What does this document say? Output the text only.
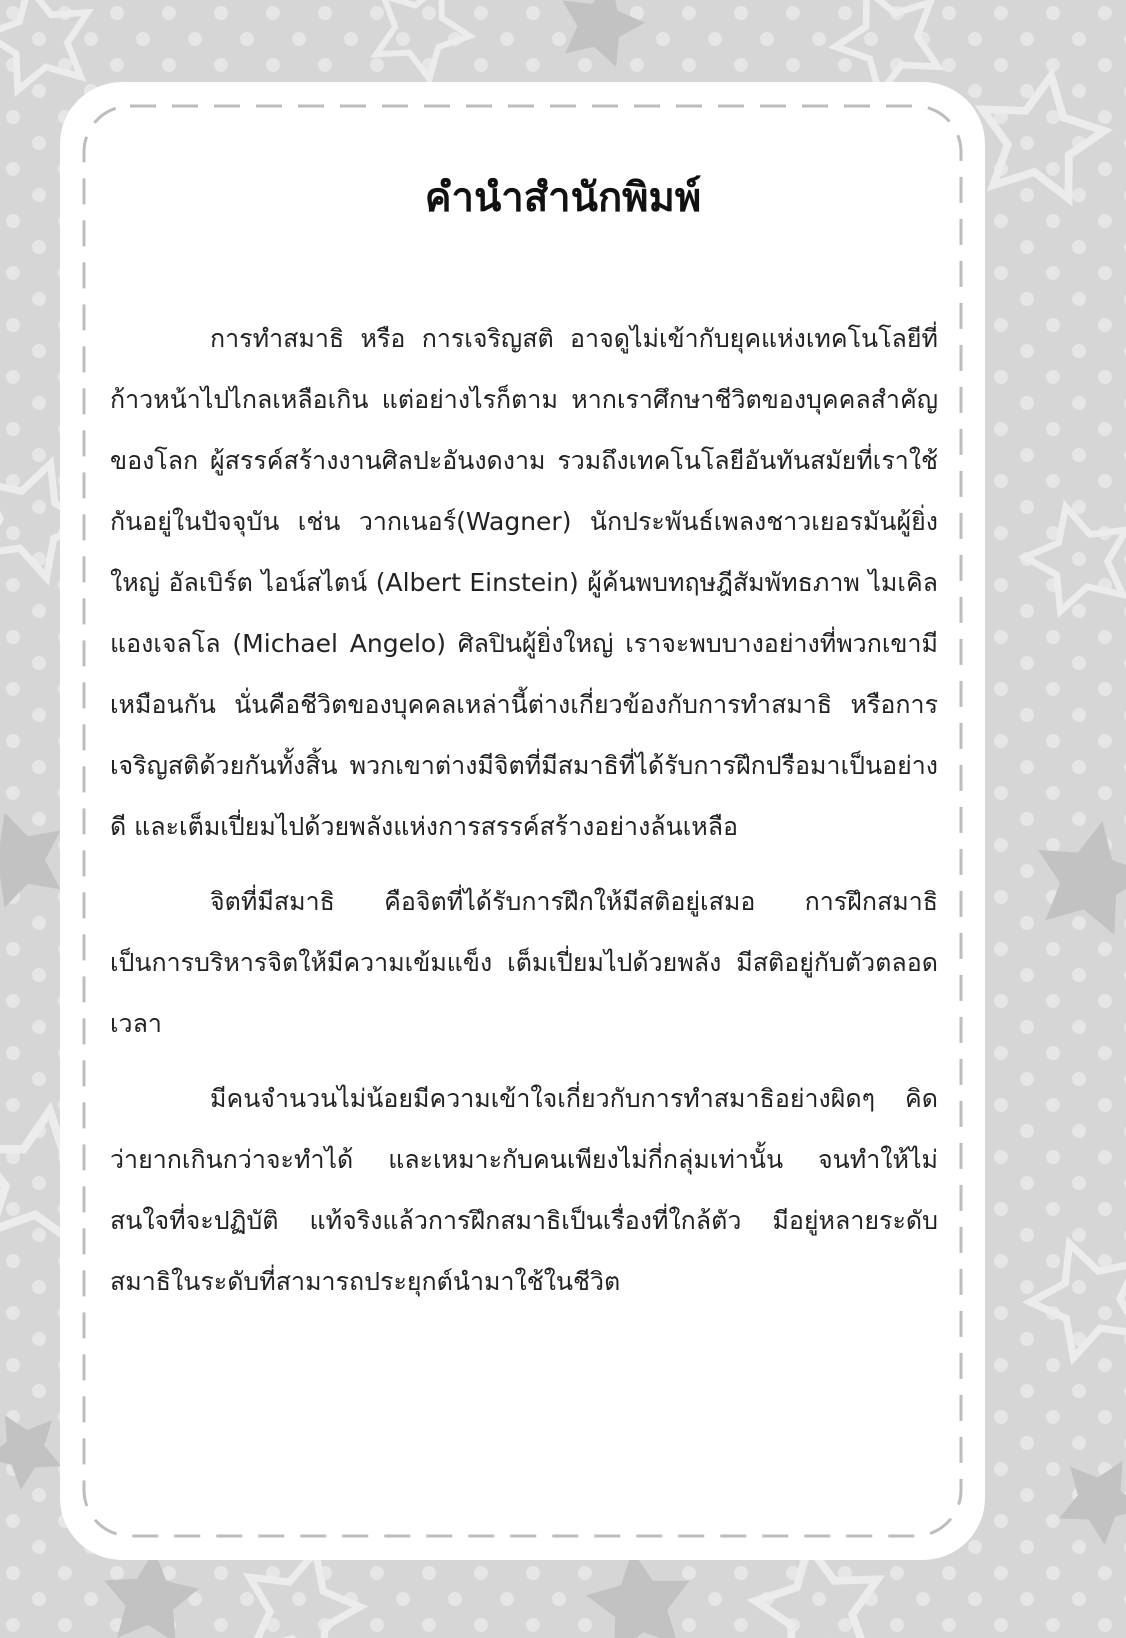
คำนำสำนักพิมพ์

การทำสมาธิ หรือ การเจริญสติ อาจดูไม่เข้ากับยุคแห่งเทคโนโลยีที่ก้าวหน้าไปไกลเหลือเกิน แต่อย่างไรก็ตาม หากเราศึกษาชีวิตของบุคคลสำคัญของโลก ผู้สรรค์สร้างงานศิลปะอันงดงาม รวมถึงเทคโนโลยีอันทันสมัยที่เราใช้กันอยู่ในปัจจุบัน เช่น วากเนอร์(Wagner) นักประพันธ์เพลงชาวเยอรมันผู้ยิ่งใหญ่ อัลเบิร์ต ไอน์สไตน์ (Albert Einstein) ผู้ค้นพบทฤษฎีสัมพัทธภาพ ไมเคิล แองเจลโล (Michael Angelo) ศิลปินผู้ยิ่งใหญ่ เราจะพบบางอย่างที่พวกเขามีเหมือนกัน นั่นคือชีวิตของบุคคลเหล่านี้ต่างเกี่ยวข้องกับการทำสมาธิ หรือการเจริญสติด้วยกันทั้งสิ้น พวกเขาต่างมีจิตที่มีสมาธิที่ได้รับการฝึกปรือมาเป็นอย่างดี และเต็มเปี่ยมไปด้วยพลังแห่งการสรรค์สร้างอย่างล้นเหลือ

จิตที่มีสมาธิ คือจิตที่ได้รับการฝึกให้มีสติอยู่เสมอ การฝึกสมาธิเป็นการบริหารจิตให้มีความเข้มแข็ง เต็มเปี่ยมไปด้วยพลัง มีสติอยู่กับตัวตลอดเวลา

มีคนจำนวนไม่น้อยมีความเข้าใจเกี่ยวกับการทำสมาธิอย่างผิดๆ คิดว่ายากเกินกว่าจะทำได้ และเหมาะกับคนเพียงไม่กี่กลุ่มเท่านั้น จนทำให้ไม่สนใจที่จะปฏิบัติ แท้จริงแล้วการฝึกสมาธิเป็นเรื่องที่ใกล้ตัว มีอยู่หลายระดับ สมาธิในระดับที่สามารถประยุกต์นำมาใช้ในชีวิต
